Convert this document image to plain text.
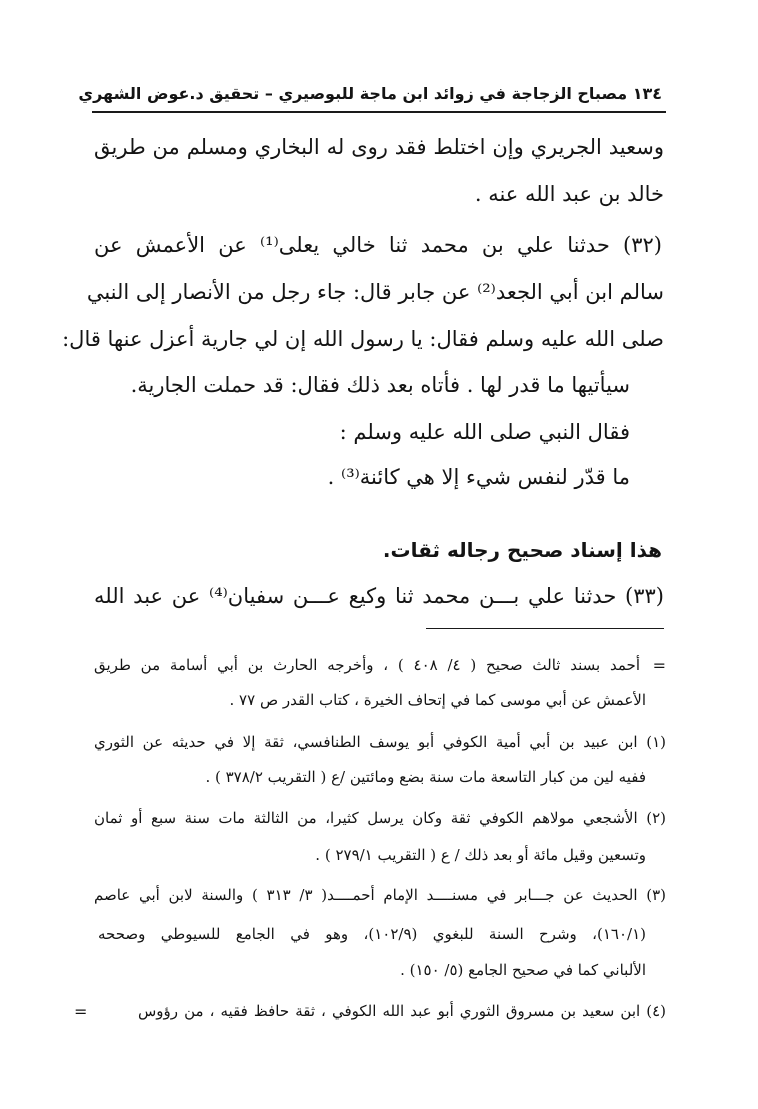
١٣٤ مصباح الزجاجة في زوائد ابن ماجة للبوصيري – تحقيق د.عوض الشهري
وسعيد الجريري وإن اختلط فقد روى له البخاري ومسلم من طريق
خالد بن عبد الله عنه .
(٣٢) حدثنا علي بن محمد ثنا خالي يعلى⁽¹⁾ عن الأعمش عن
سالم ابن أبي الجعد⁽²⁾ عن جابر قال: جاء رجل من الأنصار إلى النبي
صلى الله عليه وسلم فقال: يا رسول الله إن لي جارية أعزل عنها قال:
سيأتيها ما قدر لها . فأتاه بعد ذلك فقال: قد حملت الجارية.
فقال النبي صلى الله عليه وسلم :
ما قدّر لنفس شيء إلا هي كائنة⁽³⁾ .
هذا إسناد صحيح رجاله ثقات.
(٣٣) حدثنا علي بـــن محمد ثنا وكيع عـــن سفيان⁽⁴⁾ عن عبد الله
=
أحمد بسند ثالث صحيح ( ٤/ ٤٠٨ ) ، وأخرجه الحارث بن أبي أسامة من طريق
الأعمش عن أبي موسى كما في إتحاف الخيرة ، كتاب القدر ص ٧٧ .
(١) ابن عبيد بن أبي أمية الكوفي أبو يوسف الطنافسي، ثقة إلا في حديثه عن الثوري
ففيه لين من كبار التاسعة مات سنة بضع ومائتين /ع ( التقريب ٣٧٨/٢ ) .
(٢) الأشجعي مولاهم الكوفي ثقة وكان يرسل كثيرا، من الثالثة مات سنة سبع أو ثمان
وتسعين وقيل مائة أو بعد ذلك / ع ( التقريب ٢٧٩/١ ) .
(٣) الحديث عن جـــابر في مسنــــد الإمام أحمــــد( ٣/ ٣١٣ ) والسنة لابن أبي عاصم
(١٦٠/١)، وشرح السنة للبغوي (١٠٢/٩)، وهو في الجامع للسيوطي وصححه
الألباني كما في صحيح الجامع (٥/ ١٥٠) .
(٤) ابن سعيد بن مسروق الثوري أبو عبد الله الكوفي ، ثقة حافظ فقيه ، من رؤوس
=
